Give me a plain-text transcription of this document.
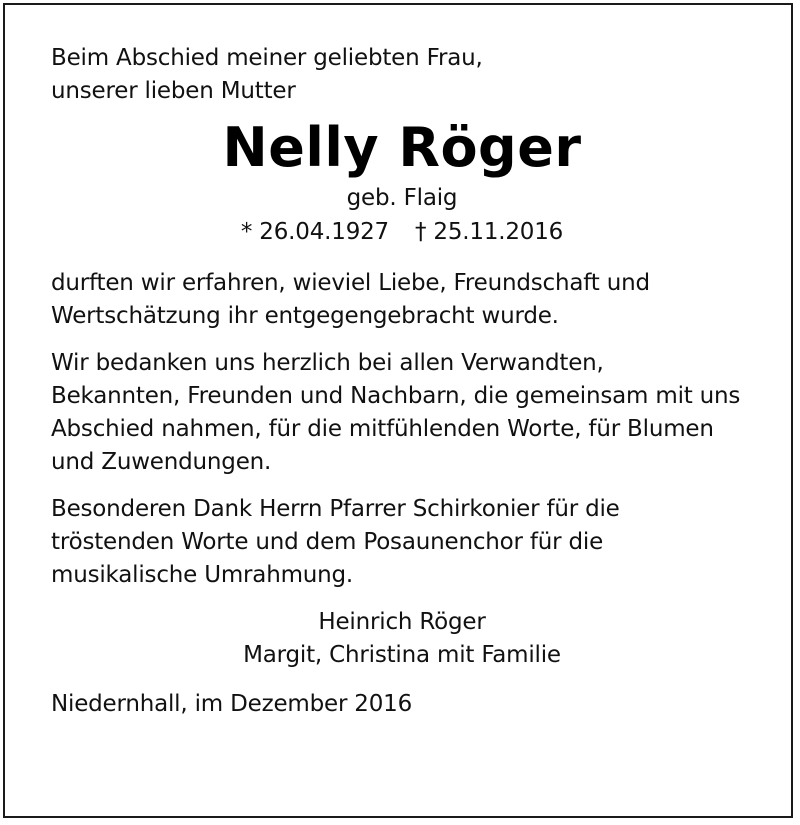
Beim Abschied meiner geliebten Frau,
unserer lieben Mutter

Nelly Röger
geb. Flaig
* 26.04.1927 † 25.11.2016

durften wir erfahren, wieviel Liebe, Freundschaft und
Wertschätzung ihr entgegengebracht wurde.

Wir bedanken uns herzlich bei allen Verwandten,
Bekannten, Freunden und Nachbarn, die gemeinsam mit uns
Abschied nahmen, für die mitfühlenden Worte, für Blumen
und Zuwendungen.

Besonderen Dank Herrn Pfarrer Schirkonier für die
tröstenden Worte und dem Posaunenchor für die
musikalische Umrahmung.

Heinrich Röger
Margit, Christina mit Familie
Niedernhall, im Dezember 2016
